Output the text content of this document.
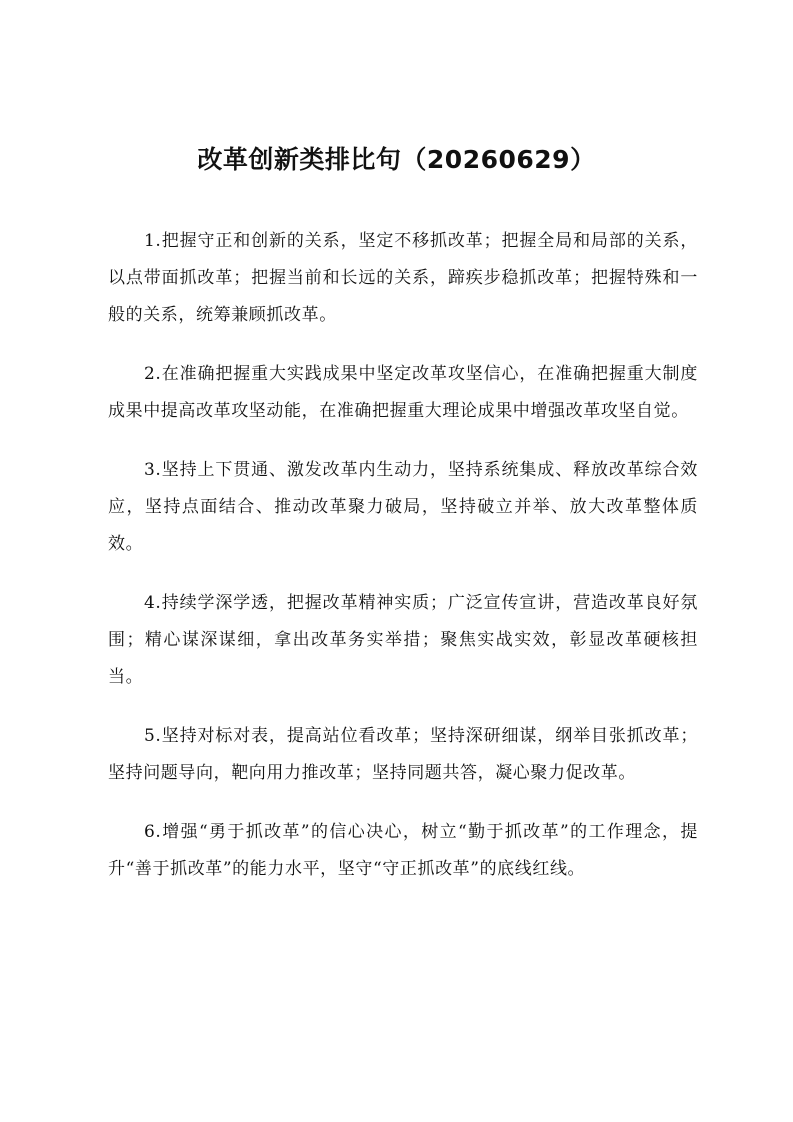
改革创新类排比句（20260629）

1.把握守正和创新的关系，坚定不移抓改革；把握全局和局部的关系，以点带面抓改革；把握当前和长远的关系，蹄疾步稳抓改革；把握特殊和一般的关系，统筹兼顾抓改革。

2.在准确把握重大实践成果中坚定改革攻坚信心，在准确把握重大制度成果中提高改革攻坚动能，在准确把握重大理论成果中增强改革攻坚自觉。

3.坚持上下贯通、激发改革内生动力，坚持系统集成、释放改革综合效应，坚持点面结合、推动改革聚力破局，坚持破立并举、放大改革整体质效。

4.持续学深学透，把握改革精神实质；广泛宣传宣讲，营造改革良好氛围；精心谋深谋细，拿出改革务实举措；聚焦实战实效，彰显改革硬核担当。

5.坚持对标对表，提高站位看改革；坚持深研细谋，纲举目张抓改革；坚持问题导向，靶向用力推改革；坚持同题共答，凝心聚力促改革。

6.增强“勇于抓改革”的信心决心，树立“勤于抓改革”的工作理念，提升“善于抓改革”的能力水平，坚守“守正抓改革”的底线红线。
